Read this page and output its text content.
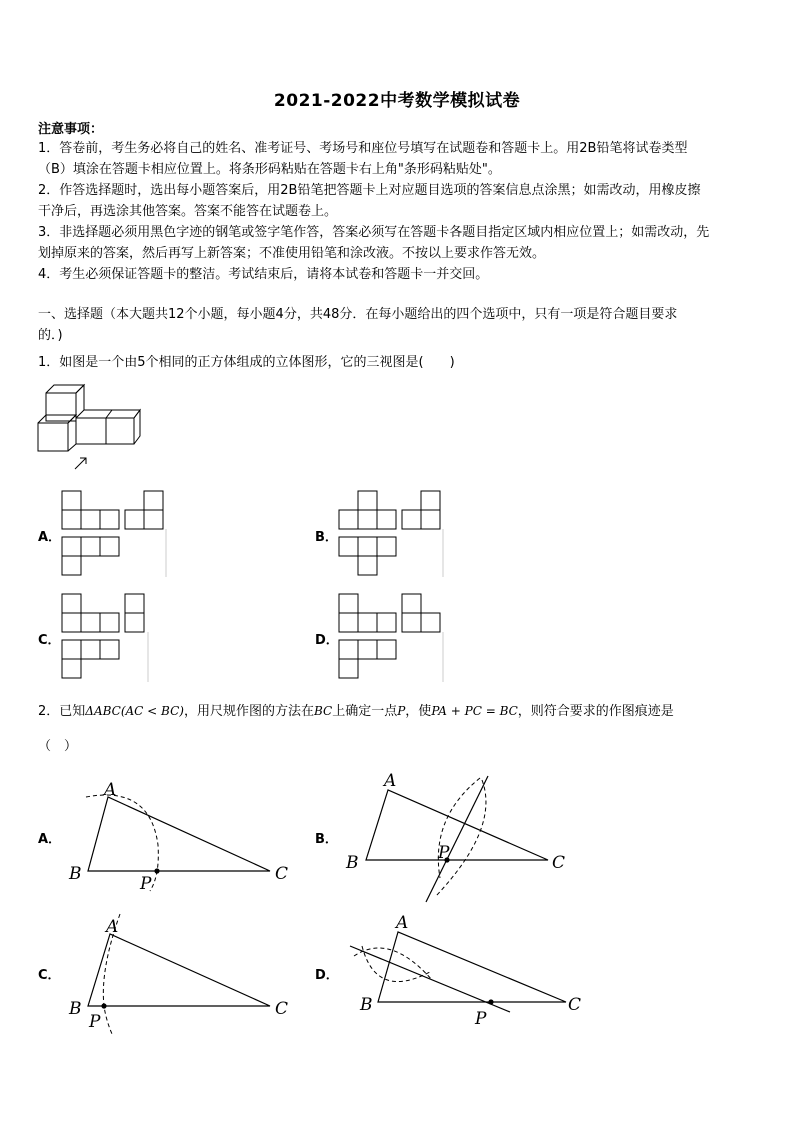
2021-2022中考数学模拟试卷
注意事项：
1．答卷前，考生务必将自己的姓名、准考证号、考场号和座位号填写在试题卷和答题卡上。用2B铅笔将试卷类型
（B）填涂在答题卡相应位置上。将条形码粘贴在答题卡右上角"条形码粘贴处"。
2．作答选择题时，选出每小题答案后，用2B铅笔把答题卡上对应题目选项的答案信息点涂黑；如需改动，用橡皮擦
干净后，再选涂其他答案。答案不能答在试题卷上。
3．非选择题必须用黑色字迹的钢笔或签字笔作答，答案必须写在答题卡各题目指定区域内相应位置上；如需改动，先
划掉原来的答案，然后再写上新答案；不准使用铅笔和涂改液。不按以上要求作答无效。
4．考生必须保证答题卡的整洁。考试结束后，请将本试卷和答题卡一并交回。
一、选择题（本大题共12个小题，每小题4分，共48分．在每小题给出的四个选项中，只有一项是符合题目要求
的．)
1．如图是一个由5个相同的正方体组成的立体图形，它的三视图是(　　)
A．	B．
C．	D．
2．已知ΔABC(AC < BC)，用尺规作图的方法在BC上确定一点P，使PA + PC = BC，则符合要求的作图痕迹是
（　）
A．
A
B	P	C
B．
A
B	P	C
C．
A
B
P
C
D．
A
B
P
C
